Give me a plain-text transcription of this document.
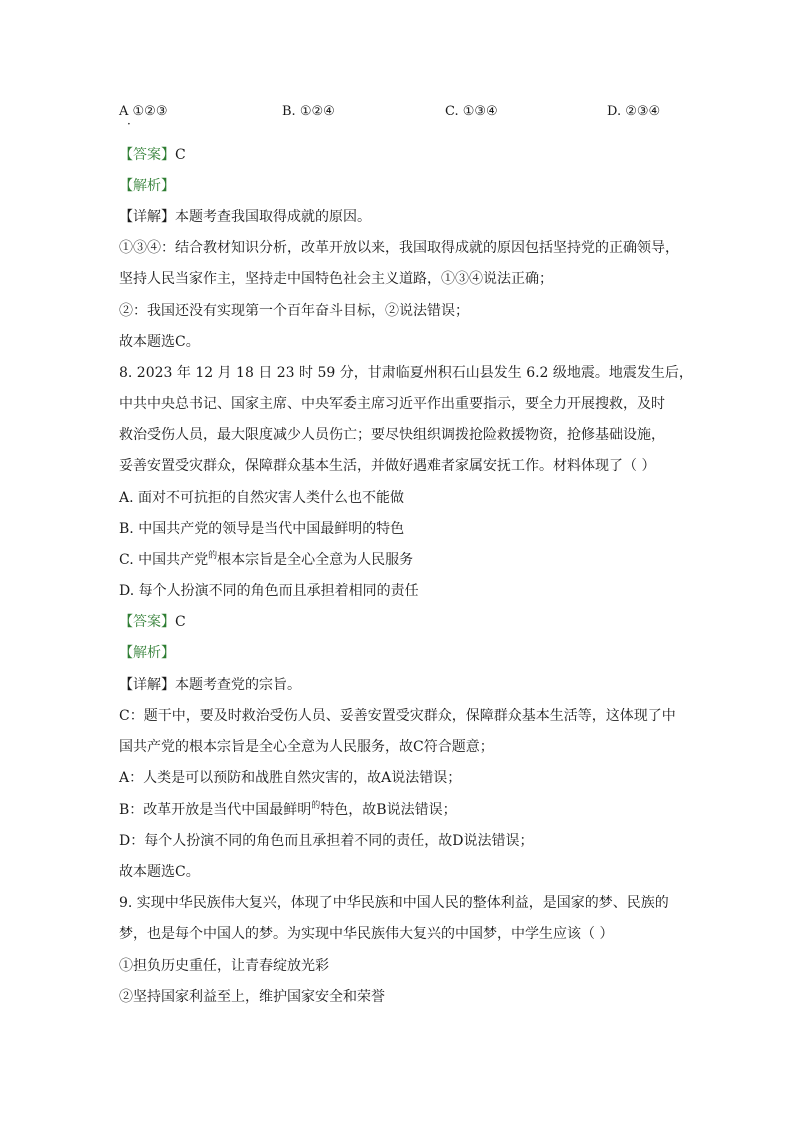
A ①②③
·
B. ①②④	C. ①③④	D. ②③④
【答案】C
【解析】
【详解】本题考查我国取得成就的原因。
①③④：结合教材知识分析，改革开放以来，我国取得成就的原因包括坚持党的正确领导，
坚持人民当家作主，坚持走中国特色社会主义道路，①③④说法正确；
②：我国还没有实现第一个百年奋斗目标，②说法错误；
故本题选C。
8. 2023 年 12 月 18 日 23 时 59 分，甘肃临夏州积石山县发生 6.2 级地震。地震发生后，
中共中央总书记、国家主席、中央军委主席习近平作出重要指示，要全力开展搜救，及时
救治受伤人员，最大限度减少人员伤亡；要尽快组织调拨抢险救援物资，抢修基础设施，
妥善安置受灾群众，保障群众基本生活，并做好遇难者家属安抚工作。材料体现了（ ）
A. 面对不可抗拒的自然灾害人类什么也不能做
B. 中国共产党的领导是当代中国最鲜明的特色
C. 中国共产党$^的$根本宗旨是全心全意为人民服务
D. 每个人扮演不同的角色而且承担着相同的责任
【答案】C
【解析】
【详解】本题考查党的宗旨。
C：题干中，要及时救治受伤人员、妥善安置受灾群众，保障群众基本生活等，这体现了中
国共产党的根本宗旨是全心全意为人民服务，故C符合题意；
A：人类是可以预防和战胜自然灾害的，故A说法错误；
B：改革开放是当代中国最鲜明$^的$特色，故B说法错误；
D：每个人扮演不同的角色而且承担着不同的责任，故D说法错误；
故本题选C。
9. 实现中华民族伟大复兴，体现了中华民族和中国人民的整体利益，是国家的梦、民族的
梦，也是每个中国人的梦。为实现中华民族伟大复兴的中国梦，中学生应该（ ）
①担负历史重任，让青春绽放光彩
②坚持国家利益至上，维护国家安全和荣誉
